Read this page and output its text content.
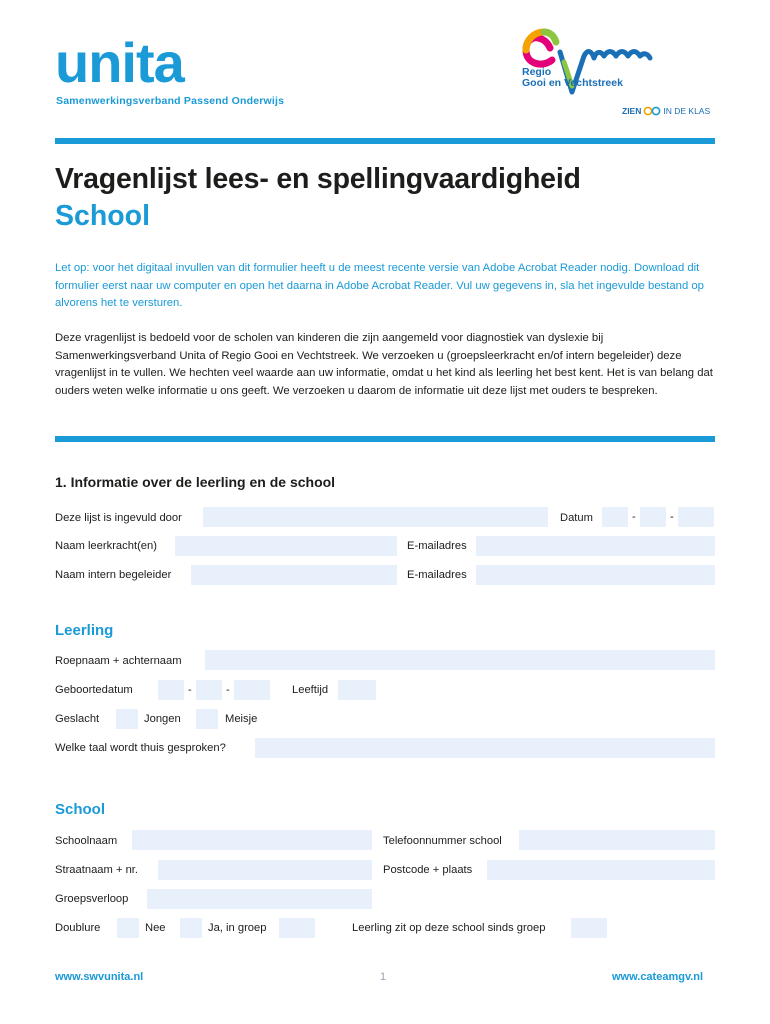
unita
Samenwerkingsverband Passend Onderwijs
Regio
Gooi en Vechtstreek
ZIEN	IN DE KLAS
Vragenlijst lees- en spellingvaardigheid
School

Let op: voor het digitaal invullen van dit formulier heeft u de meest recente versie van Adobe Acrobat Reader nodig. Download dit formulier eerst naar uw computer en open het daarna in Adobe Acrobat Reader. Vul uw gegevens in, sla het ingevulde bestand op alvorens het te versturen.

Deze vragenlijst is bedoeld voor de scholen van kinderen die zijn aangemeld voor diagnostiek van dyslexie bij Samenwerkingsverband Unita of Regio Gooi en Vechtstreek. We verzoeken u (groepsleerkracht en/of intern begeleider) deze vragenlijst in te vullen. We hechten veel waarde aan uw informatie, omdat u het kind als leerling het best kent. Het is van belang dat ouders weten welke informatie u ons geeft. We verzoeken u daarom de informatie uit deze lijst met ouders te bespreken.

1. Informatie over de leerling en de school
Deze lijst is ingevuld door	Datum	-	-
Naam leerkracht(en)	E-mailadres
Naam intern begeleider	E-mailadres
Leerling
Roepnaam + achternaam
Geboortedatum	-	-	Leeftijd
Geslacht	Jongen	Meisje
Welke taal wordt thuis gesproken?
School
Schoolnaam	Telefoonnummer school
Straatnaam + nr.	Postcode + plaats
Groepsverloop
Doublure	Nee	Ja, in groep	Leerling zit op deze school sinds groep
www.swvunita.nl	1	www.cateamgv.nl
